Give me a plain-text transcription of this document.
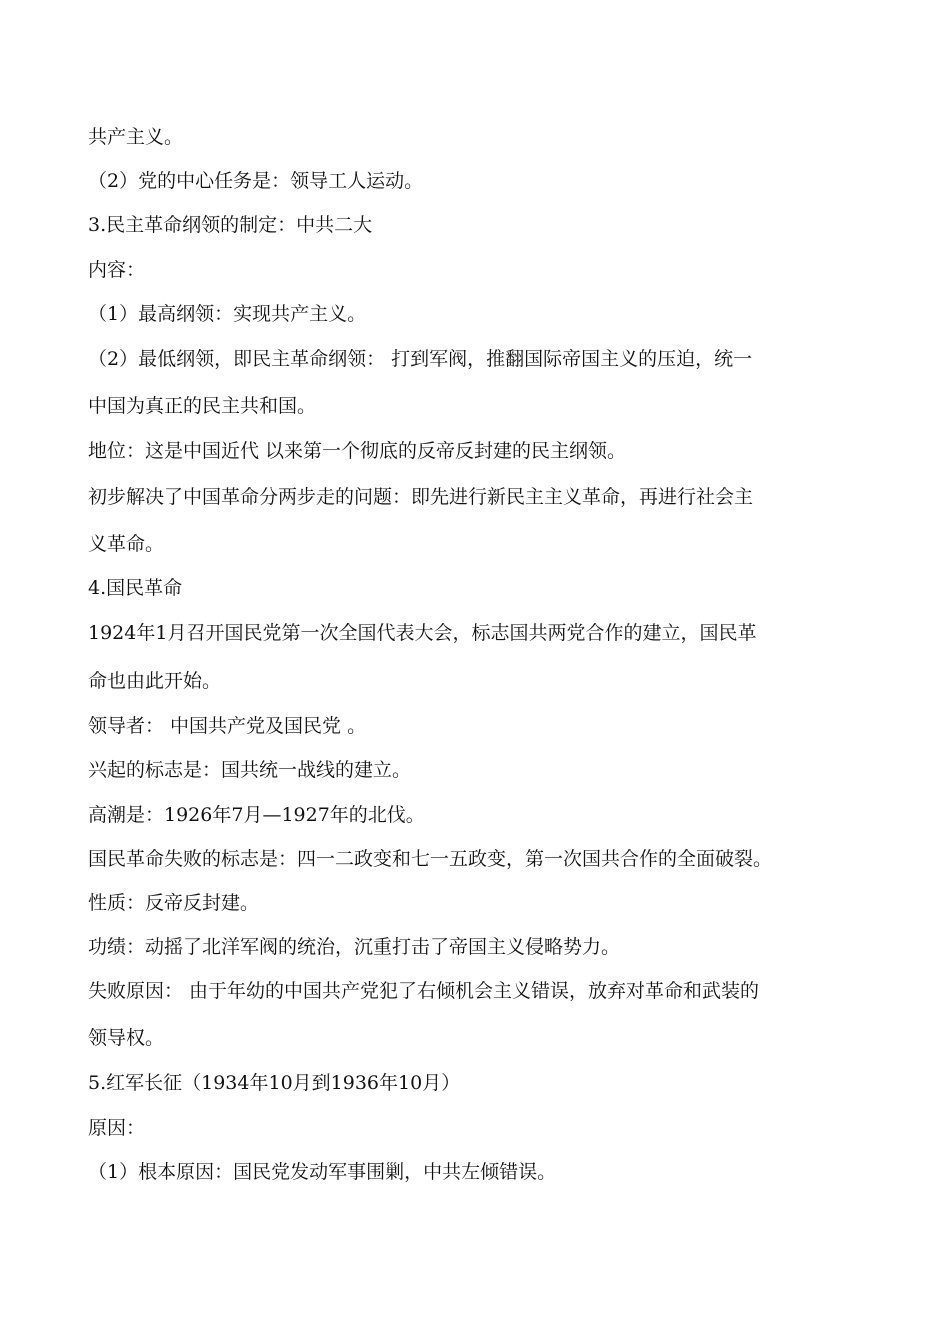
共产主义。
（2）党的中心任务是：领导工人运动。
3.民主革命纲领的制定：中共二大
内容：
（1）最高纲领：实现共产主义。
（2）最低纲领，即民主革命纲领： 打到军阀，推翻国际帝国主义的压迫，统一
中国为真正的民主共和国。
地位：这是中国近代 以来第一个彻底的反帝反封建的民主纲领。
初步解决了中国革命分两步走的问题：即先进行新民主主义革命，再进行社会主
义革命。
4.国民革命
1924年1月召开国民党第一次全国代表大会，标志国共两党合作的建立，国民革
命也由此开始。
领导者： 中国共产党及国民党 。
兴起的标志是：国共统一战线的建立。
高潮是：1926年7月—1927年的北伐。
国民革命失败的标志是：四一二政变和七一五政变，第一次国共合作的全面破裂。
性质：反帝反封建。
功绩：动摇了北洋军阀的统治，沉重打击了帝国主义侵略势力。
失败原因： 由于年幼的中国共产党犯了右倾机会主义错误，放弃对革命和武装的
领导权。
5.红军长征（1934年10月到1936年10月）
原因：
（1）根本原因：国民党发动军事围剿，中共左倾错误。
